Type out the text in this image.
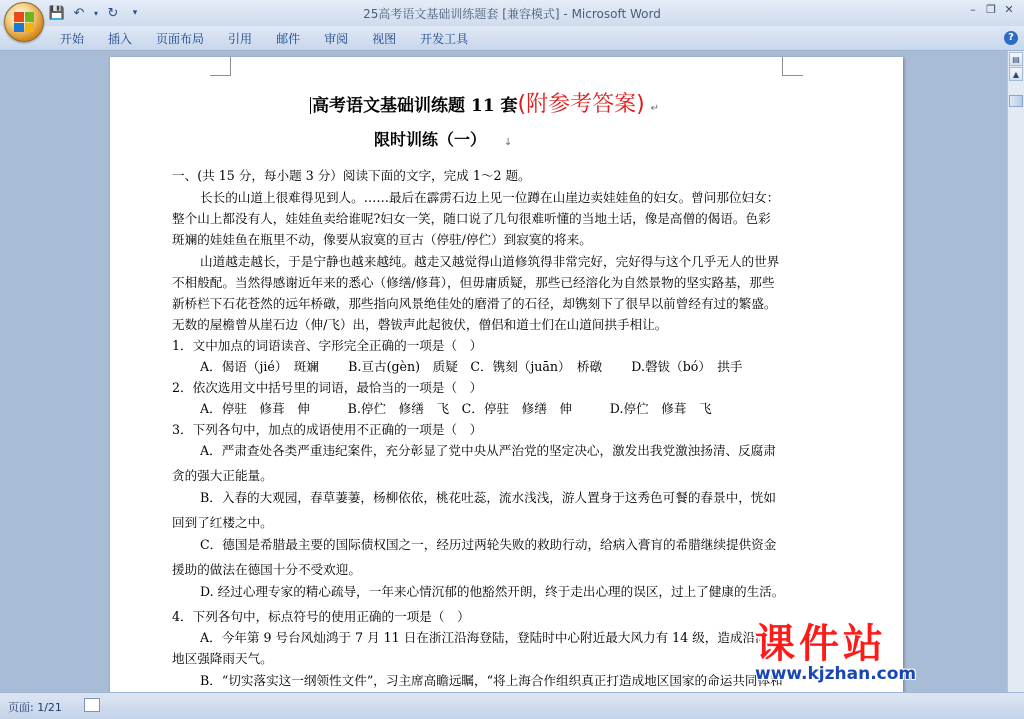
💾 ↶	▾ ↻	▾	25高考语文基础训练题套 [兼容模式] - Microsoft Word	– ❐ ✕
开始	插入	页面布局	引用	邮件	审阅	视图	开发工具	?
高考语文基础训练题 11 套(附参考答案) ↵
限时训练（一） ↓
一、(共 15 分，每小题 3 分）阅读下面的文字，完成 1～2 题。
长长的山道上很难得见到人。……最后在霹雳石边上见一位蹲在山崖边卖娃娃鱼的妇女。曾问那位妇女：
整个山上都没有人，娃娃鱼卖给谁呢?妇女一笑，随口说了几句很难听懂的当地土话，像是高僧的偈语。色彩
斑斓的娃娃鱼在瓶里不动，像要从寂寞的亘古（停驻/停伫）到寂寞的将来。
山道越走越长，于是宁静也越来越纯。越走又越觉得山道修筑得非常完好，完好得与这个几乎无人的世界
不相般配。当然得感谢近年来的悉心（修缮/修葺），但毋庸质疑，那些已经溶化为自然景物的坚实路基，那些
新桥栏下石花苍然的远年桥礅，那些指向风景绝佳处的磨滑了的石径，却镌刻下了很早以前曾经有过的繁盛。
无数的屋檐曾从崖石边（伸/飞）出，磬钹声此起彼伏，僧侣和道士们在山道间拱手相让。
1．文中加点的词语读音、字形完全正确的一项是（　）
A．偈语（jié）　斑斓　　 B.亘古(gèn)　质疑　C．镌刻（juān）　桥礅　　 D.磬钹（bó）　拱手
2．依次选用文中括号里的词语，最恰当的一项是（　）
A．停驻　修葺　伸　　　B.停伫　修缮　飞　C．停驻　修缮　伸　　　D.停伫　修葺　飞
3．下列各句中，加点的成语使用不正确的一项是（　）
A．严肃查处各类严重违纪案件，充分彰显了党中央从严治党的坚定决心，激发出我党激浊扬清、反腐肃
贪的强大正能量。
B．入春的大观园，春草萋萋，杨柳依依，桃花吐蕊，流水浅浅，游人置身于这秀色可餐的春景中，恍如
回到了红楼之中。
C．德国是希腊最主要的国际债权国之一，经历过两轮失败的救助行动，给病入膏肓的希腊继续提供资金
援助的做法在德国十分不受欢迎。
D. 经过心理专家的精心疏导，一年来心情沉郁的他豁然开朗，终于走出心理的误区，过上了健康的生活。
4．下列各句中，标点符号的使用正确的一项是（　）
A．今年第 9 号台风灿鸿于 7 月 11 日在浙江沿海登陆，登陆时中心附近最大风力有 14 级，造成沿海各数
地区强降雨天气。
B．“切实落实这一纲领性文件”，习主席高瞻远瞩，“将上海合作组织真正打造成地区国家的命运共同体和
▤
▲
页面: 1/21
课件站
www.kjzhan.com
